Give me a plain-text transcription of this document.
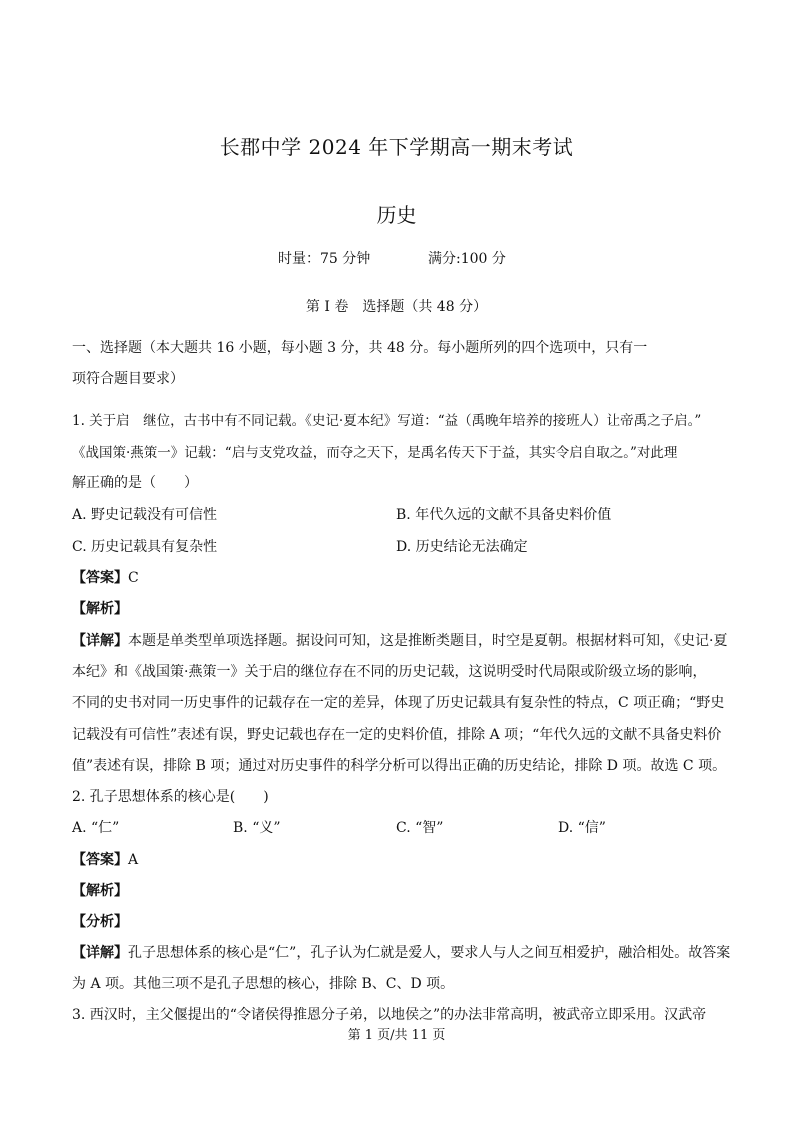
长郡中学 2024 年下学期高一期末考试
历史
时量：75 分钟	满分:100 分
第 I 卷　选择题（共 48 分）
一、选择题（本大题共 16 小题，每小题 3 分，共 48 分。每小题所列的四个选项中，只有一
项符合题目要求）
1. 关于启　继位，古书中有不同记载。《史记·夏本纪》写道：“益（禹晚年培养的接班人）让帝禹之子启。”
《战国策·燕策一》记载：“启与支党攻益，而夺之天下，是禹名传天下于益，其实令启自取之。”对此理
解正确的是（　　）
A. 野史记载没有可信性	B. 年代久远的文献不具备史料价值
C. 历史记载具有复杂性	D. 历史结论无法确定
【答案】C
【解析】
【详解】本题是单类型单项选择题。据设问可知，这是推断类题目，时空是夏朝。根据材料可知，《史记·夏
本纪》和《战国策·燕策一》关于启的继位存在不同的历史记载，这说明受时代局限或阶级立场的影响，
不同的史书对同一历史事件的记载存在一定的差异，体现了历史记载具有复杂性的特点，C 项正确；“野史
记载没有可信性”表述有误，野史记载也存在一定的史料价值，排除 A 项；“年代久远的文献不具备史料价
值”表述有误，排除 B 项；通过对历史事件的科学分析可以得出正确的历史结论，排除 D 项。故选 C 项。
2. 孔子思想体系的核心是(　　)
A. “仁”	B. “义”	C. “智”	D. “信”
【答案】A
【解析】
【分析】
【详解】孔子思想体系的核心是“仁”，孔子认为仁就是爱人，要求人与人之间互相爱护，融洽相处。故答案
为 A 项。其他三项不是孔子思想的核心，排除 B、C、D 项。
3. 西汉时，主父偃提出的“令诸侯得推恩分子弟，以地侯之”的办法非常高明，被武帝立即采用。汉武帝
第 1 页/共 11 页
